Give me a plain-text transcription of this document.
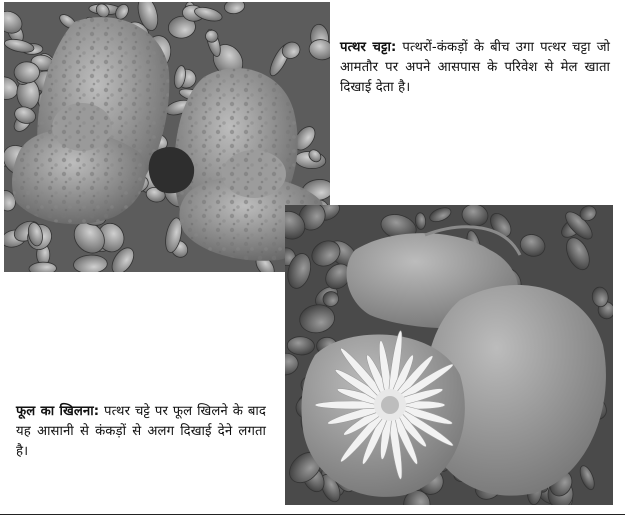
पत्थर चट्टा: पत्थरों-कंकड़ों के बीच उगा पत्थर चट्टा जो आमतौर पर अपने आसपास के परिवेश से मेल खाता दिखाई देता है।
फूल का खिलना: पत्थर चट्टे पर फूल खिलने के बाद यह आसानी से कंकड़ों से अलग दिखाई देने लगता है।
